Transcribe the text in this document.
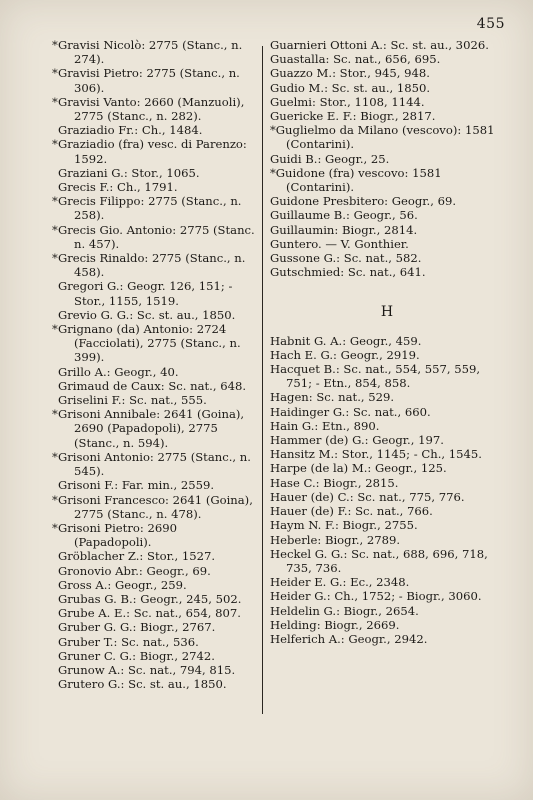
455

* Gravisi Nicolò: 2775 (Stanc., n. 274).

* Gravisi Pietro: 2775 (Stanc., n. 306).

* Gravisi Vanto: 2660 (Manzuoli), 2775 (Stanc., n. 282).

Graziadio Fr.: Ch., 1484.

* Graziadio (fra) vesc. di Parenzo: 1592.

Graziani G.: Stor., 1065.

Grecis F.: Ch., 1791.

* Grecis Filippo: 2775 (Stanc., n. 258).

* Grecis Gio. Antonio: 2775 (Stanc. n. 457).

* Grecis Rinaldo: 2775 (Stanc., n. 458).

Gregori G.: Geogr. 126, 151; - Stor., 1155, 1519.

Grevio G. G.: Sc. st. au., 1850.

* Grignano (da) Antonio: 2724 (Facciolati), 2775 (Stanc., n. 399).

Grillo A.: Geogr., 40.

Grimaud de Caux: Sc. nat., 648.

Griselini F.: Sc. nat., 555.

* Grisoni Annibale: 2641 (Goina), 2690 (Papadopoli), 2775 (Stanc., n. 594).

* Grisoni Antonio: 2775 (Stanc., n. 545).

Grisoni F.: Far. min., 2559.

* Grisoni Francesco: 2641 (Goina), 2775 (Stanc., n. 478).

* Grisoni Pietro: 2690 (Papadopoli).

Gröblacher Z.: Stor., 1527.

Gronovio Abr.: Geogr., 69.

Gross A.: Geogr., 259.

Grubas G. B.: Geogr., 245, 502.

Grube A. E.: Sc. nat., 654, 807.

Gruber G. G.: Biogr., 2767.

Gruber T.: Sc. nat., 536.

Gruner C. G.: Biogr., 2742.

Grunow A.: Sc. nat., 794, 815.

Grutero G.: Sc. st. au., 1850.

Guarnieri Ottoni A.: Sc. st. au., 3026.

Guastalla: Sc. nat., 656, 695.

Guazzo M.: Stor., 945, 948.

Gudio M.: Sc. st. au., 1850.

Guelmi: Stor., 1108, 1144.

Guericke E. F.: Biogr., 2817.

*Guglielmo da Milano (vescovo): 1581 (Contarini).

Guidi B.: Geogr., 25.

*Guidone (fra) vescovo: 1581 (Contarini).

Guidone Presbitero: Geogr., 69.

Guillaume B.: Geogr., 56.

Guillaumin: Biogr., 2814.

Guntero. — V. Gonthier.

Gussone G.: Sc. nat., 582.

Gutschmied: Sc. nat., 641.

H

Habnit G. A.: Geogr., 459.

Hach E. G.: Geogr., 2919.

Hacquet B.: Sc. nat., 554, 557, 559, 751; - Etn., 854, 858.

Hagen: Sc. nat., 529.

Haidinger G.: Sc. nat., 660.

Hain G.: Etn., 890.

Hammer (de) G.: Geogr., 197.

Hansitz M.: Stor., 1145; - Ch., 1545.

Harpe (de la) M.: Geogr., 125.

Hase C.: Biogr., 2815.

Hauer (de) C.: Sc. nat., 775, 776.

Hauer (de) F.: Sc. nat., 766.

Haym N. F.: Biogr., 2755.

Heberle: Biogr., 2789.

Heckel G. G.: Sc. nat., 688, 696, 718, 735, 736.

Heider E. G.: Ec., 2348.

Heider G.: Ch., 1752; - Biogr., 3060.

Heldelin G.: Biogr., 2654.

Helding: Biogr., 2669.

Helferich A.: Geogr., 2942.
